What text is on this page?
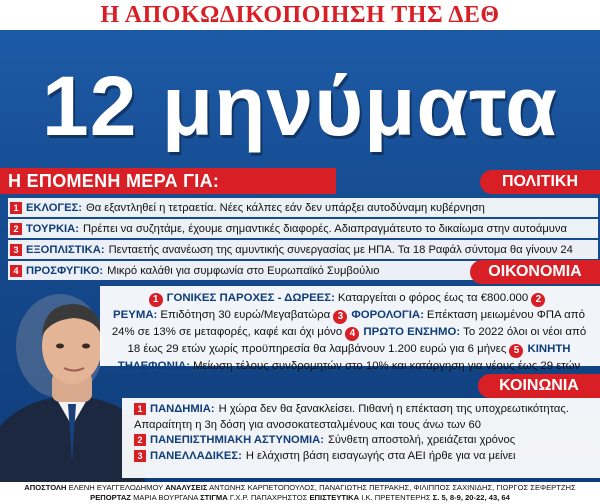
Η ΑΠΟΚΩΔΙΚΟΠΟΙΗΣΗ ΤΗΣ ΔΕΘ
12 μηνύματα
Η ΕΠΟΜΕΝΗ ΜΕΡΑ ΓΙΑ:	ΠΟΛΙΤΙΚΗ
1 ΕΚΛΟΓΕΣ: Θα εξαντληθεί η τετραετία. Νέες κάλπες εάν δεν υπάρξει αυτοδύναμη κυβέρνηση
2 ΤΟΥΡΚΙΑ: Πρέπει να συζητάμε, έχουμε σημαντικές διαφορές. Αδιαπραγμάτευτο το δικαίωμα στην αυτοάμυνα
3 ΕΞΟΠΛΙΣΤΙΚΑ: Πενταετής ανανέωση της αμυντικής συνεργασίας με ΗΠΑ. Τα 18 Ραφάλ σύντομα θα γίνουν 24
4 ΠΡΟΣΦΥΓΙΚΟ: Μικρό καλάθι για συμφωνία στο Ευρωπαϊκό Συμβούλιο	ΟΙΚΟΝΟΜΙΑ
1 ΓΟΝΙΚΕΣ ΠΑΡΟΧΕΣ - ΔΩΡΕΕΣ: Καταργείται ο φόρος έως τα €800.000 2ΡΕΥΜΑ: Επιδότηση 30 ευρώ/Μεγαβατώρα 3 ΦΟΡΟΛΟΓΙΑ: Επέκταση μειωμένου ΦΠΑ από 24% σε 13% σε μεταφορές, καφέ και όχι μόνο 4 ΠΡΩΤΟ ΕΝΣΗΜΟ: Το 2022 όλοι οι νέοι από 18 έως 29 ετών χωρίς προϋπηρεσία θα λαμβάνουν 1.200 ευρώ για 6 μήνες 5 ΚΙΝΗΤΗ ΤΗΛΕΦΩΝΙΑ: Μείωση τέλους συνδρομητών στο 10% και κατάργηση για νέους έως 29 ετών
ΚΟΙΝΩΝΙΑ
1 ΠΑΝΔΗΜΙΑ: Η χώρα δεν θα ξανακλείσει. Πιθανή η επέκταση της υποχρεωτικότητας.
Απαραίτητη η 3η δόση για ανοσοκατεσταλμένους και τους άνω των 60
2 ΠΑΝΕΠΙΣΤΗΜΙΑΚΗ ΑΣΤΥΝΟΜΙΑ: Σύνθετη αποστολή, χρειάζεται χρόνος
3 ΠΑΝΕΛΛΑΔΙΚΕΣ: Η ελάχιστη βάση εισαγωγής στα ΑΕΙ ήρθε για να μείνει
ΑΠΟΣΤΟΛΗ ΕΛΕΝΗ ΕΥΑΓΓΕΛΟΔΗΜΟΥ ΑΝΑΛΥΣΕΙΣ ΑΝΤΩΝΗΣ ΚΑΡΠΕΤΟΠΟΥΛΟΣ, ΠΑΝΑΓΙΩΤΗΣ ΠΕΤΡΑΚΗΣ, ΦΙΛΙΠΠΟΣ ΣΑΧΙΝΙΔΗΣ, ΓΙΩΡΓΟΣ ΣΕΦΕΡΤΖΗΣ
ΡΕΠΟΡΤΑΖ ΜΑΡΙΑ ΒΟΥΡΓΑΝΑ ΣΤΙΓΜΑ Γ.Χ.Ρ. ΠΑΠΑΧΡΗΣΤΟΣ ΕΠΙΣΤΕΥΤΙΚΑ Ι.Κ. ΠΡΕΤΕΝΤΕΡΗΣ Σ. 5, 8-9, 20-22, 43, 64
